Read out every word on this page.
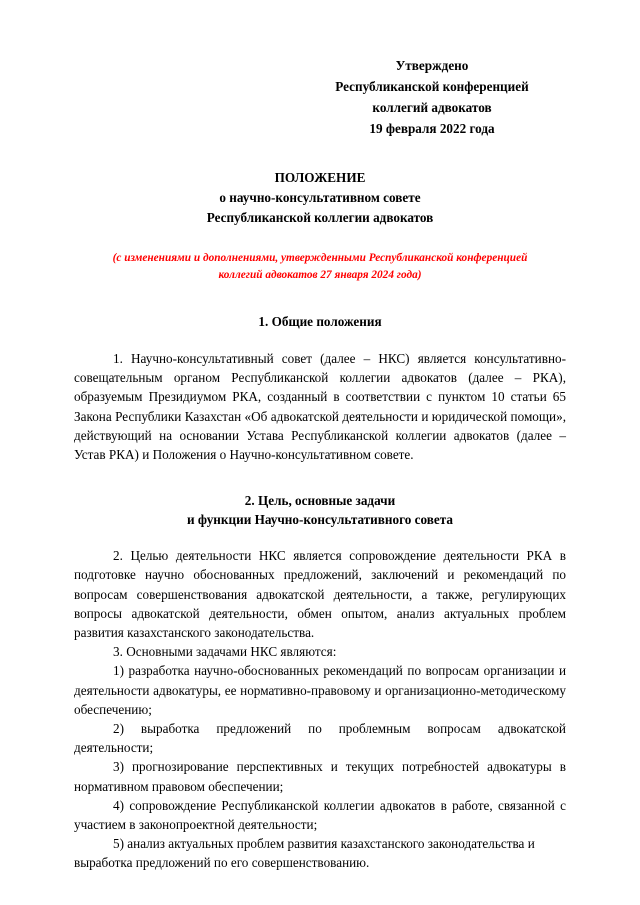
Утверждено
Республиканской конференцией
коллегий адвокатов
19 февраля 2022 года
ПОЛОЖЕНИЕ
о научно-консультативном совете
Республиканской коллегии адвокатов
(с изменениями и дополнениями, утвержденными Республиканской конференцией
коллегий адвокатов 27 января 2024 года)
1. Общие положения

1. Научно-консультативный совет (далее – НКС) является консультативно-совещательным органом Республиканской коллегии адвокатов (далее – РКА), образуемым Президиумом РКА, созданный в соответствии с пунктом 10 статьи 65 Закона Республики Казахстан «Об адвокатской деятельности и юридической помощи», действующий на основании Устава Республиканской коллегии адвокатов (далее – Устав РКА) и Положения о Научно-консультативном совете.

2. Цель, основные задачи
и функции Научно-консультативного совета

2. Целью деятельности НКС является сопровождение деятельности РКА в подготовке научно обоснованных предложений, заключений и рекомендаций по вопросам совершенствования адвокатской деятельности, а также, регулирующих вопросы адвокатской деятельности, обмен опытом, анализ актуальных проблем развития казахстанского законодательства.

3. Основными задачами НКС являются:

1) разработка научно-обоснованных рекомендаций по вопросам организации и деятельности адвокатуры, ее нормативно-правовому и организационно-методическому обеспечению;

2) выработка предложений по проблемным вопросам адвокатской деятельности;

3) прогнозирование перспективных и текущих потребностей адвокатуры в нормативном правовом обеспечении;

4) сопровождение Республиканской коллегии адвокатов в работе, связанной с участием в законопроектной деятельности;

5) анализ актуальных проблем развития казахстанского законодательства и выработка предложений по его совершенствованию.
